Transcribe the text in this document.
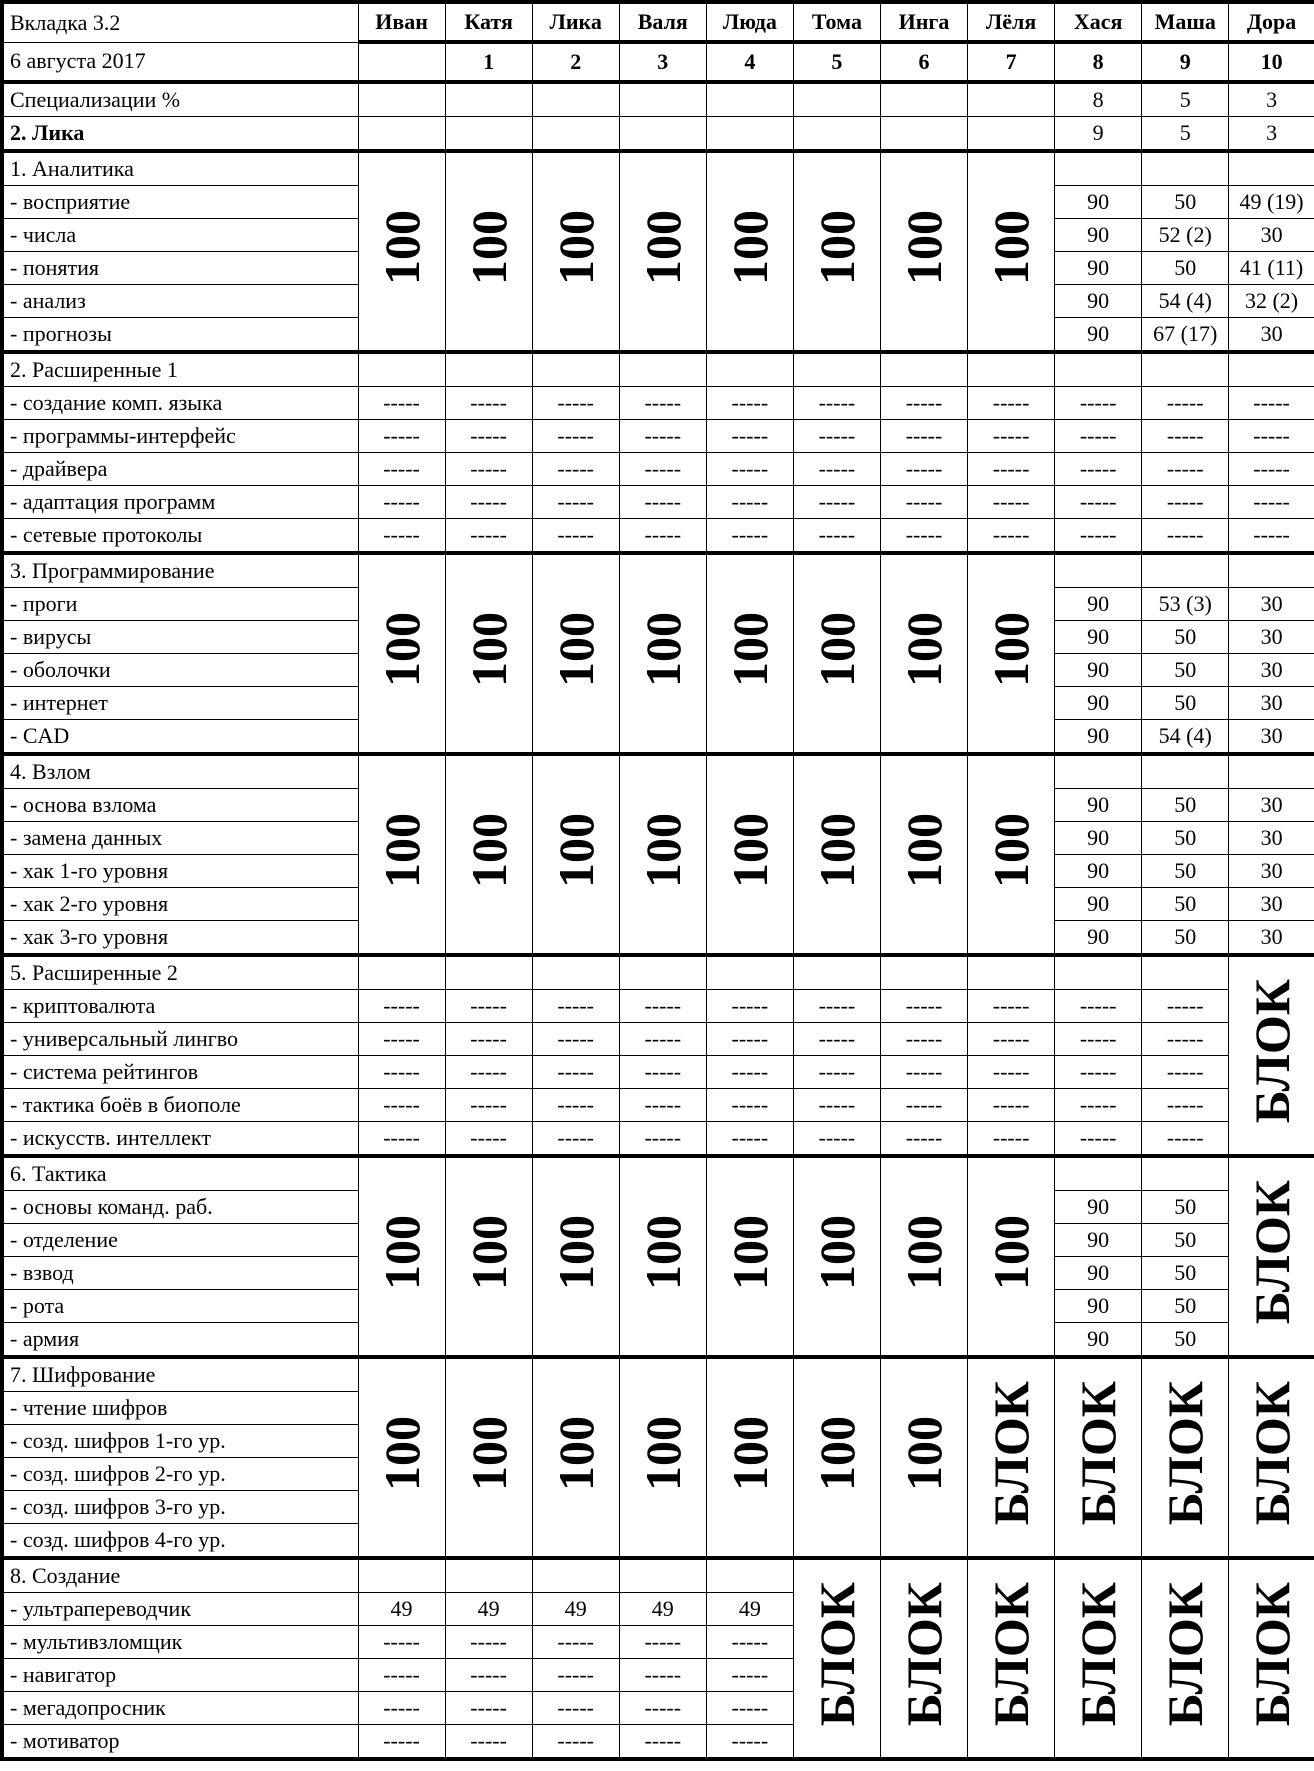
Вкладка 3.2	Иван	Катя	Лика	Валя	Люда	Тома	Инга	Лёля	Хася	Маша	Дора
6 августа 2017		1	2	3	4	5	6	7	8	9	10
Специализации %									8	5	3
2. Лика									9	5	3
1. Аналитика	100	100	100	100	100	100	100	100			
- восприятие									90	50	49 (19)
- числа									90	52 (2)	30
- понятия									90	50	41 (11)
- анализ									90	54 (4)	32 (2)
- прогнозы									90	67 (17)	30
2. Расширенные 1											
- создание комп. языка	-----	-----	-----	-----	-----	-----	-----	-----	-----	-----	-----
- программы-интерфейс	-----	-----	-----	-----	-----	-----	-----	-----	-----	-----	-----
- драйвера	-----	-----	-----	-----	-----	-----	-----	-----	-----	-----	-----
- адаптация программ	-----	-----	-----	-----	-----	-----	-----	-----	-----	-----	-----
- сетевые протоколы	-----	-----	-----	-----	-----	-----	-----	-----	-----	-----	-----
3. Программирование	100	100	100	100	100	100	100	100			
- проги									90	53 (3)	30
- вирусы									90	50	30
- оболочки									90	50	30
- интернет									90	50	30
- CAD									90	54 (4)	30
4. Взлом	100	100	100	100	100	100	100	100			
- основа взлома									90	50	30
- замена данных									90	50	30
- хак 1-го уровня									90	50	30
- хак 2-го уровня									90	50	30
- хак 3-го уровня									90	50	30
5. Расширенные 2											БЛОК
- криптовалюта	-----	-----	-----	-----	-----	-----	-----	-----	-----	-----	
- универсальный лингво	-----	-----	-----	-----	-----	-----	-----	-----	-----	-----	
- система рейтингов	-----	-----	-----	-----	-----	-----	-----	-----	-----	-----	
- тактика боёв в биополе	-----	-----	-----	-----	-----	-----	-----	-----	-----	-----	
- искусств. интеллект	-----	-----	-----	-----	-----	-----	-----	-----	-----	-----	
6. Тактика	100	100	100	100	100	100	100	100			БЛОК
- основы команд. раб.									90	50	
- отделение									90	50	
- взвод									90	50	
- рота									90	50	
- армия									90	50	
7. Шифрование	100	100	100	100	100	100	100	БЛОК	БЛОК	БЛОК	БЛОК
- чтение шифров											
- созд. шифров 1-го ур.											
- созд. шифров 2-го ур.											
- созд. шифров 3-го ур.											
- созд. шифров 4-го ур.											
8. Создание						БЛОК	БЛОК	БЛОК	БЛОК	БЛОК	БЛОК
- ультрапереводчик	49	49	49	49	49						
- мультивзломщик	-----	-----	-----	-----	-----						
- навигатор	-----	-----	-----	-----	-----						
- мегадопросник	-----	-----	-----	-----	-----						
- мотиватор	-----	-----	-----	-----	-----						
